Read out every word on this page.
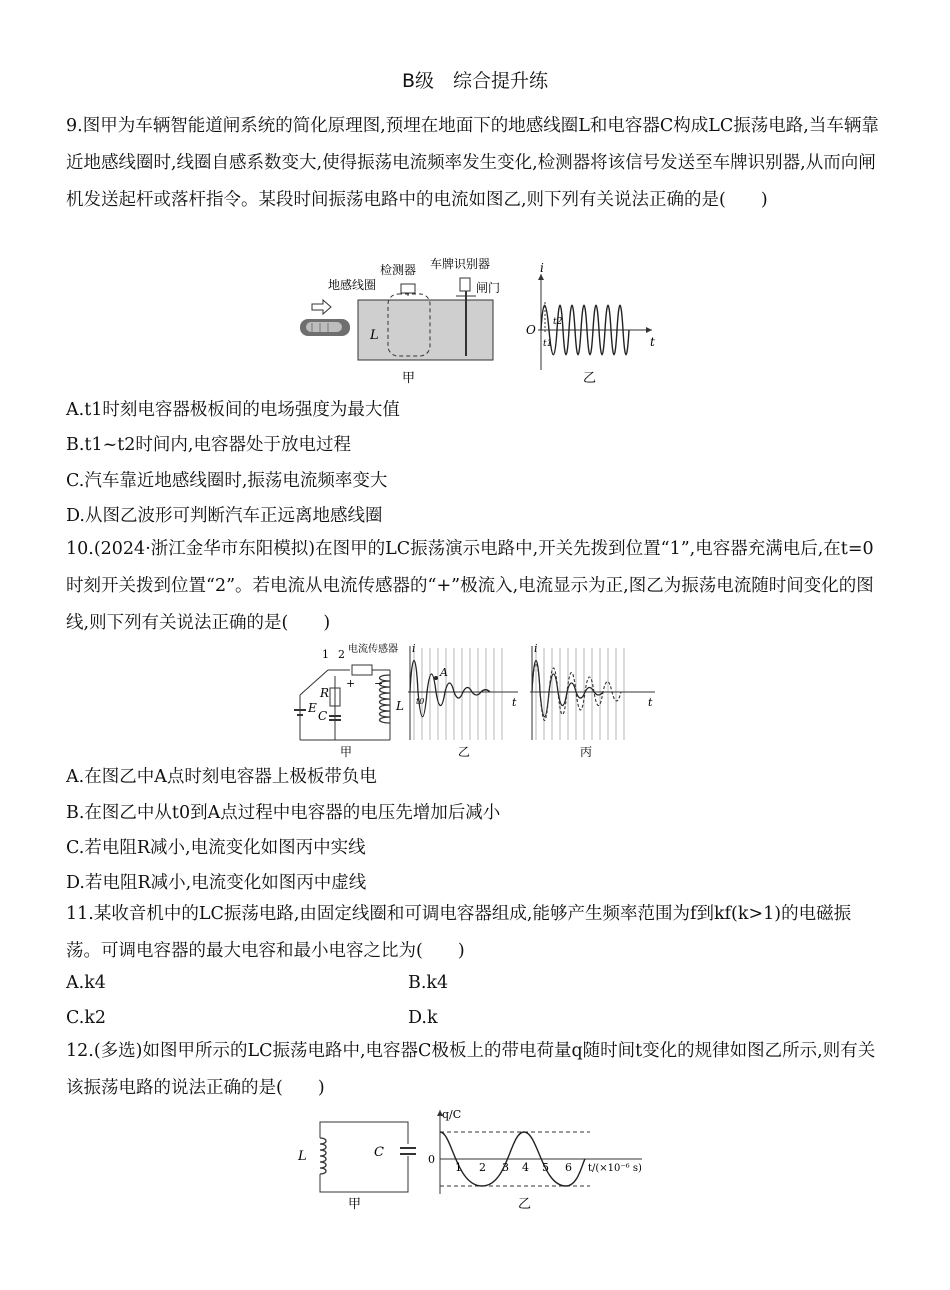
B级　综合提升练

9.图甲为车辆智能道闸系统的简化原理图,预埋在地面下的地感线圈L和电容器C构成LC振荡电路,当车辆靠近地感线圈时,线圈自感系数变大,使得振荡电流频率发生变化,检测器将该信号发送至车牌识别器,从而向闸机发送起杆或落杆指令。某段时间振荡电路中的电流如图乙,则下列有关说法正确的是(　　)

检测器 车牌识别器
地感线圈	闸门
L
甲
i
O
t
t2
t1
乙
A.t1时刻电容器极板间的电场强度为最大值
B.t1~t2时间内,电容器处于放电过程
C.汽车靠近地感线圈时,振荡电流频率变大
D.从图乙波形可判断汽车正远离地感线圈

10.(2024·浙江金华市东阳模拟)在图甲的LC振荡演示电路中,开关先拨到位置“1”,电容器充满电后,在t=0时刻开关拨到位置“2”。若电流从电流传感器的“+”极流入,电流显示为正,图乙为振荡电流随时间变化的图线,则下列有关说法正确的是(　　)

1 2 电流传感器
+ −
E
R
C
L
甲
A
t0
i
t
乙
i
t
丙
A.在图乙中A点时刻电容器上极板带负电
B.在图乙中从t0到A点过程中电容器的电压先增加后减小
C.若电阻R减小,电流变化如图丙中实线
D.若电阻R减小,电流变化如图丙中虚线

11.某收音机中的LC振荡电路,由固定线圈和可调电容器组成,能够产生频率范围为f到kf(k>1)的电磁振荡。可调电容器的最大电容和最小电容之比为(　　)

A.k4	B.k4
C.k2	D.k

12.(多选)如图甲所示的LC振荡电路中,电容器C极板上的带电荷量q随时间t变化的规律如图乙所示,则有关该振荡电路的说法正确的是(　　)

L	C
甲
q/C
0
1 2 3 4 5 6 t/(×10⁻⁶ s)
乙
